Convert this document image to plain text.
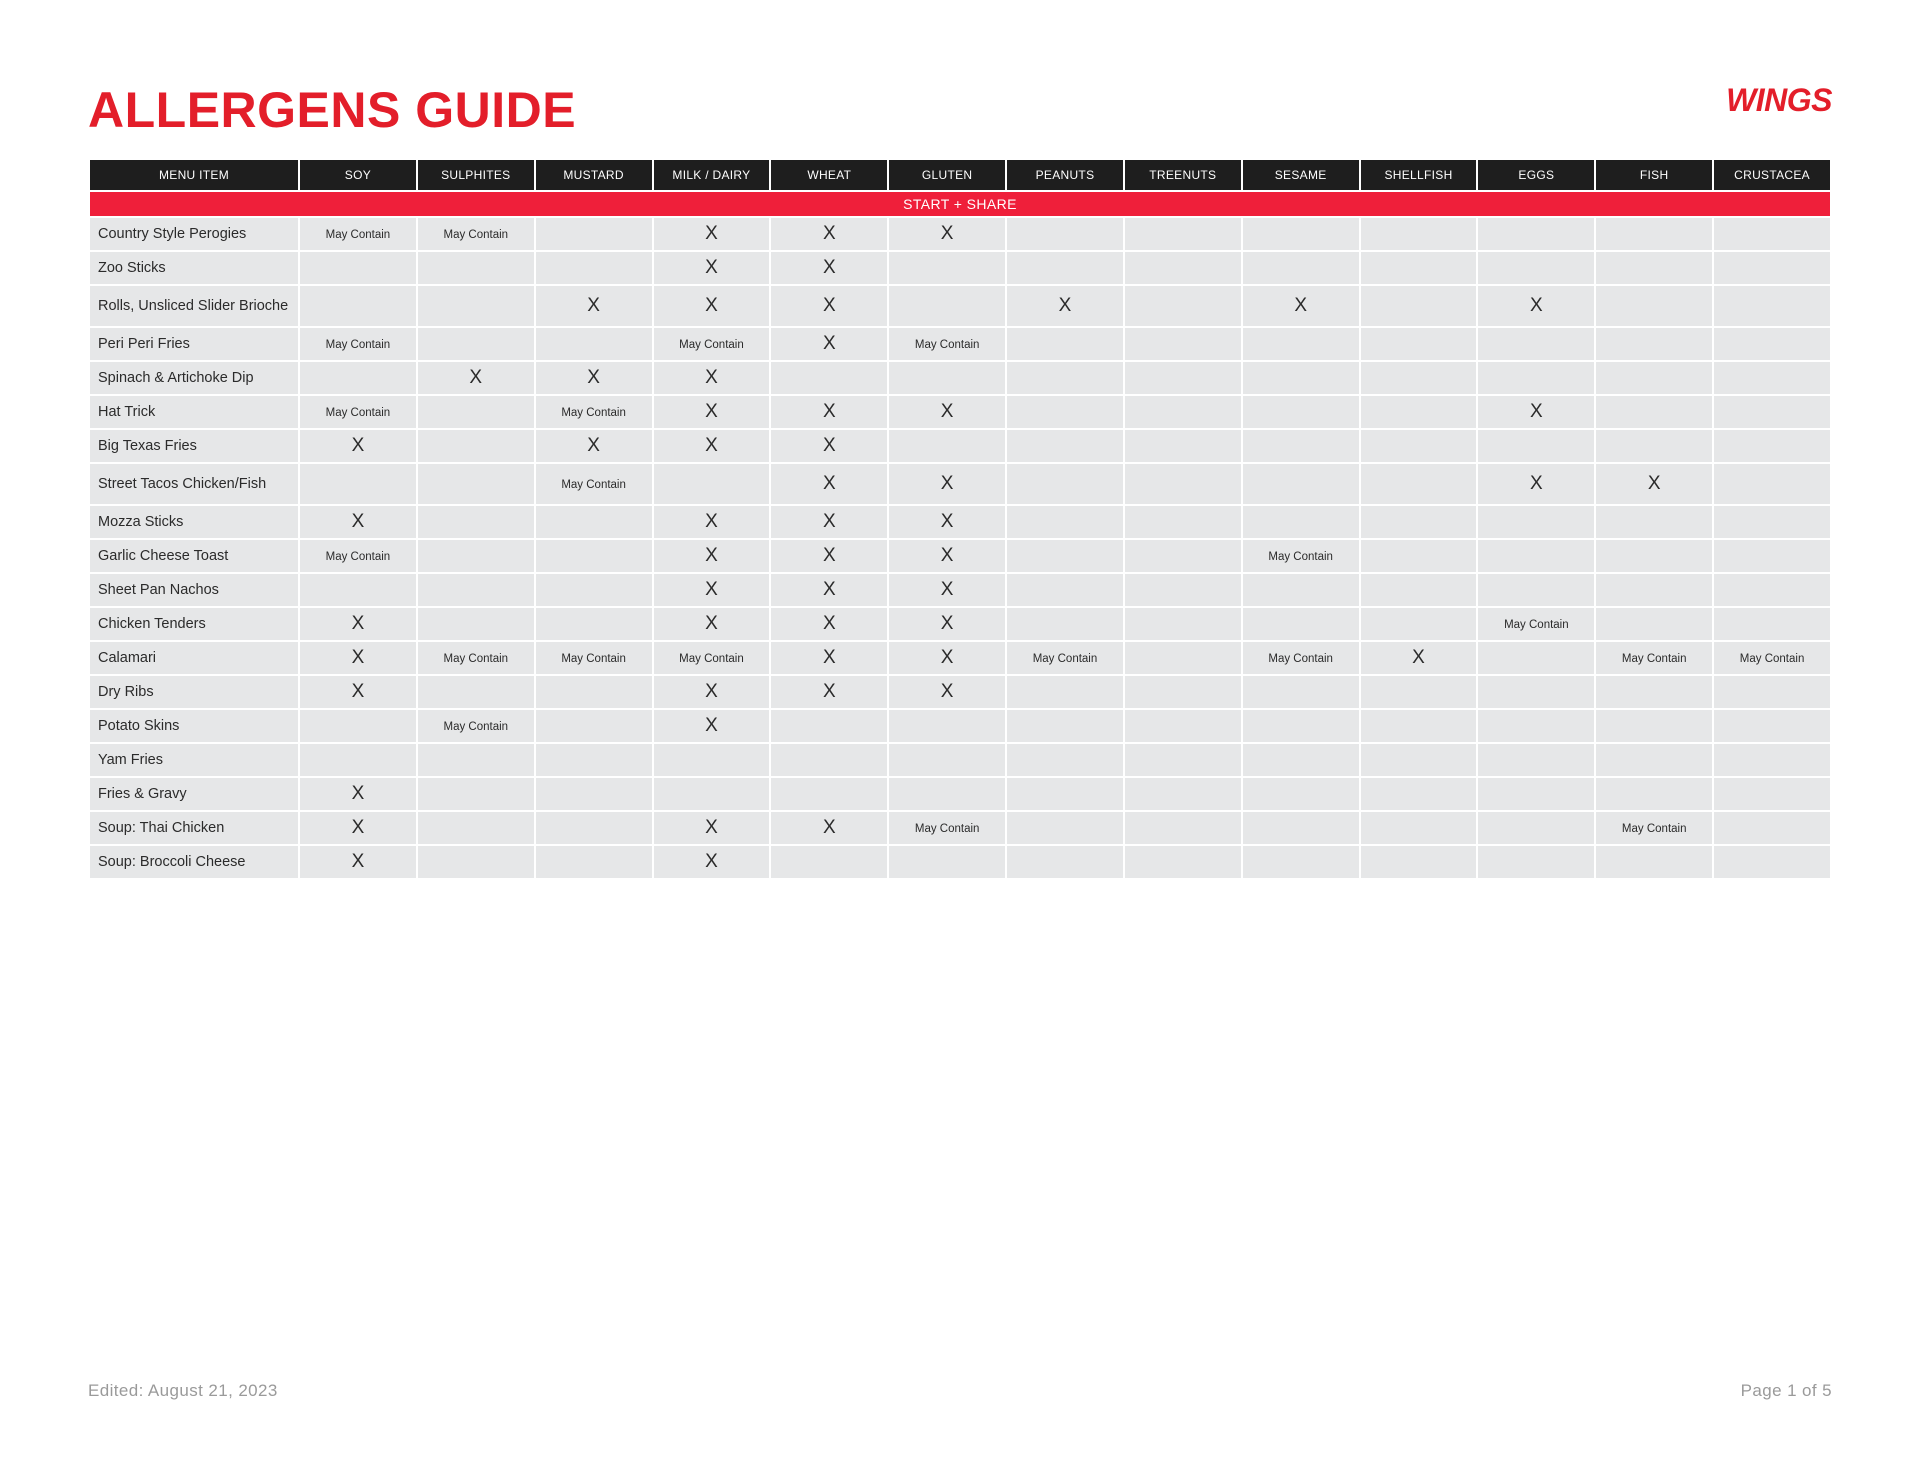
ALLERGENS GUIDE	WINGS
MENU ITEM	SOY	SULPHITES	MUSTARD	MILK / DAIRY	WHEAT	GLUTEN	PEANUTS	TREENUTS	SESAME	SHELLFISH	EGGS	FISH	CRUSTACEA
START + SHARE													
Country Style Perogies	May Contain	May Contain		X	X	X							
Zoo Sticks				X	X								
Rolls, Unsliced Slider Brioche			X	X	X		X		X		X		
Peri Peri Fries	May Contain			May Contain	X	May Contain							
Spinach & Artichoke Dip		X	X	X									
Hat Trick	May Contain		May Contain	X	X	X					X		
Big Texas Fries	X		X	X	X								
Street Tacos Chicken/Fish			May Contain		X	X					X	X	
Mozza Sticks	X			X	X	X							
Garlic Cheese Toast	May Contain			X	X	X			May Contain				
Sheet Pan Nachos				X	X	X							
Chicken Tenders	X			X	X	X					May Contain		
Calamari	X	May Contain	May Contain	May Contain	X	X	May Contain		May Contain	X		May Contain	May Contain
Dry Ribs	X			X	X	X							
Potato Skins		May Contain		X									
Yam Fries													
Fries & Gravy	X												
Soup: Thai Chicken	X			X	X	May Contain						May Contain	
Soup: Broccoli Cheese	X			X									
Edited: August 21, 2023	Page 1 of 5
